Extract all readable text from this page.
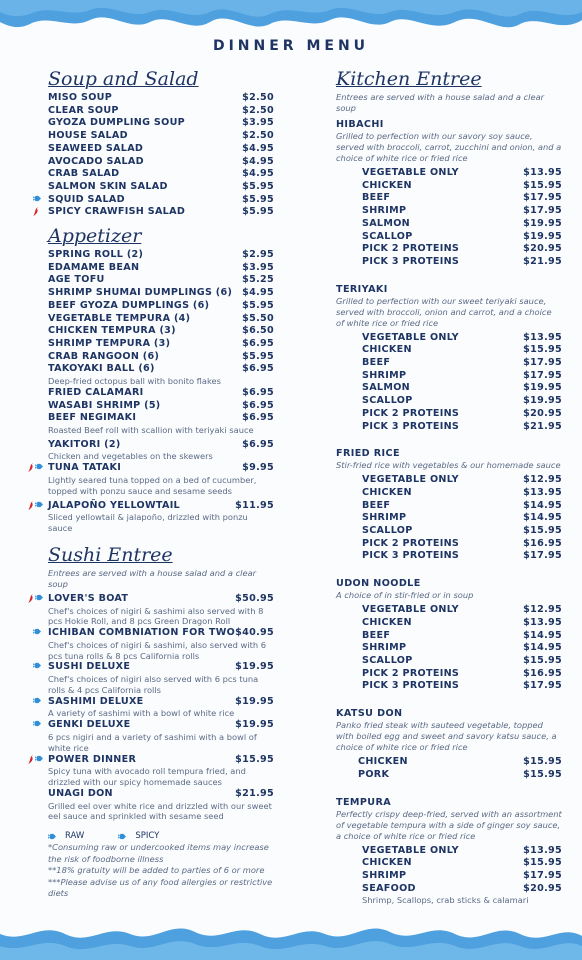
DINNER MENU
Soup and Salad
MISO SOUP	$2.50
CLEAR SOUP	$2.50
GYOZA DUMPLING SOUP	$3.95
HOUSE SALAD	$2.50
SEAWEED SALAD	$4.95
AVOCADO SALAD	$4.95
CRAB SALAD	$4.95
SALMON SKIN SALAD	$5.95
SQUID SALAD	$5.95
SPICY CRAWFISH SALAD	$5.95
Appetizer
SPRING ROLL (2)	$2.95
EDAMAME BEAN	$3.95
AGE TOFU	$5.25
SHRIMP SHUMAI DUMPLINGS (6) $4.95
BEEF GYOZA DUMPLINGS (6)	$5.95
VEGETABLE TEMPURA (4)	$5.50
CHICKEN TEMPURA (3)	$6.50
SHRIMP TEMPURA (3)	$6.95
CRAB RANGOON (6)	$5.95
TAKOYAKI BALL (6)	$6.95
Deep-fried octopus ball with bonito flakes
FRIED CALAMARI	$6.95
WASABI SHRIMP (5)	$6.95
BEEF NEGIMAKI	$6.95
Roasted Beef roll with scallion with teriyaki sauce
YAKITORI (2)	$6.95
Chicken and vegetables on the skewers
TUNA TATAKI	$9.95
Lightly seared tuna topped on a bed of cucumber, topped with ponzu sauce and sesame seeds
JALAPOÑO YELLOWTAIL	$11.95
Sliced yellowtail & jalapoño, drizzled with ponzu sauce
Sushi Entree
Entrees are served with a house salad and a clear soup
LOVER'S BOAT	$50.95
Chef's choices of nigiri & sashimi also served with 8 pcs Hokie Roll, and 8 pcs Green Dragon Roll
ICHIBAN COMBNIATION FOR TWO $40.95
Chef's choices of nigiri & sashimi, also served with 6 pcs tuna rolls & 8 pcs California rolls
SUSHI DELUXE	$19.95
Chef's choices of nigiri also served with 6 pcs tuna rolls & 4 pcs California rolls
SASHIMI DELUXE	$19.95
A variety of sashimi with a bowl of white rice
GENKI DELUXE	$19.95
6 pcs nigiri and a variety of sashimi with a bowl of white rice
POWER DINNER	$15.95
Spicy tuna with avocado roll tempura fried, and drizzled with our spicy homemade sauces
UNAGI DON	$21.95
Grilled eel over white rice and drizzled with our sweet eel sauce and sprinkled with sesame seed
RAW	SPICY
*Consuming raw or undercooked items may increase the risk of foodborne illness
**18% gratuity will be added to parties of 6 or more
***Please advise us of any food allergies or restrictive diets
Kitchen Entree
Entrees are served with a house salad and a clear soup
HIBACHI
Grilled to perfection with our savory soy sauce, served with broccoli, carrot, zucchini and onion, and a choice of white rice or fried rice
VEGETABLE ONLY	$13.95
CHICKEN	$15.95
BEEF	$17.95
SHRIMP	$17.95
SALMON	$19.95
SCALLOP	$19.95
PICK 2 PROTEINS	$20.95
PICK 3 PROTEINS	$21.95
TERIYAKI
Grilled to perfection with our sweet teriyaki sauce, served with broccoli, onion and carrot, and a choice of white rice or fried rice
VEGETABLE ONLY	$13.95
CHICKEN	$15.95
BEEF	$17.95
SHRIMP	$17.95
SALMON	$19.95
SCALLOP	$19.95
PICK 2 PROTEINS	$20.95
PICK 3 PROTEINS	$21.95
FRIED RICE
Stir-fried rice with vegetables & our homemade sauce
VEGETABLE ONLY	$12.95
CHICKEN	$13.95
BEEF	$14.95
SHRIMP	$14.95
SCALLOP	$15.95
PICK 2 PROTEINS	$16.95
PICK 3 PROTEINS	$17.95
UDON NOODLE
A choice of in stir-fried or in soup
VEGETABLE ONLY	$12.95
CHICKEN	$13.95
BEEF	$14.95
SHRIMP	$14.95
SCALLOP	$15.95
PICK 2 PROTEINS	$16.95
PICK 3 PROTEINS	$17.95
KATSU DON
Panko fried steak with sauteed vegetable, topped with boiled egg and sweet and savory katsu sauce, a choice of white rice or fried rice
CHICKEN	$15.95
PORK	$15.95
TEMPURA
Perfectly crispy deep-fried, served with an assortment of vegetable tempura with a side of ginger soy sauce, a choice of white rice or fried rice
VEGETABLE ONLY	$13.95
CHICKEN	$15.95
SHRIMP	$17.95
SEAFOOD	$20.95
Shrimp, Scallops, crab sticks & calamari
